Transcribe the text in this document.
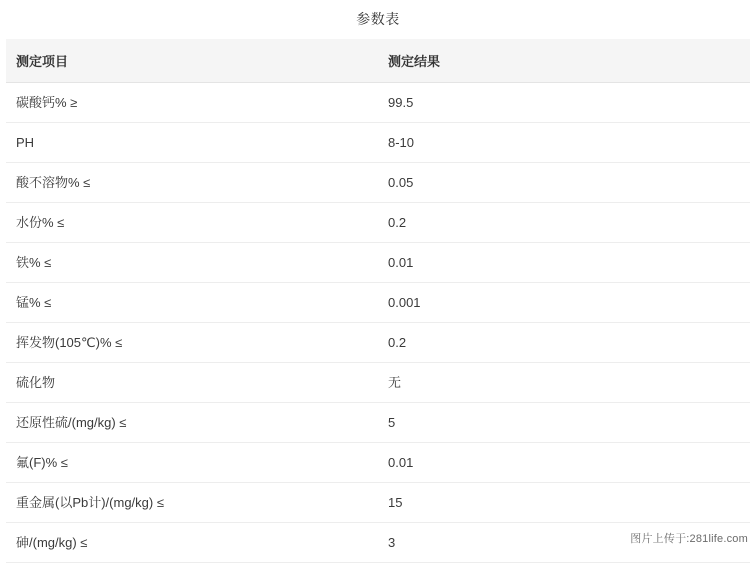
参数表
测定项目	测定结果
碳酸钙% ≥	99.5
PH	8-10
酸不溶物% ≤	0.05
水份% ≤	0.2
铁% ≤	0.01
锰% ≤	0.001
挥发物(105℃)% ≤	0.2
硫化物	无
还原性硫/(mg/kg) ≤	5
氟(F)% ≤	0.01
重金属(以Pb计)/(mg/kg) ≤	15
砷/(mg/kg) ≤	3	图片上传于:281life.com
